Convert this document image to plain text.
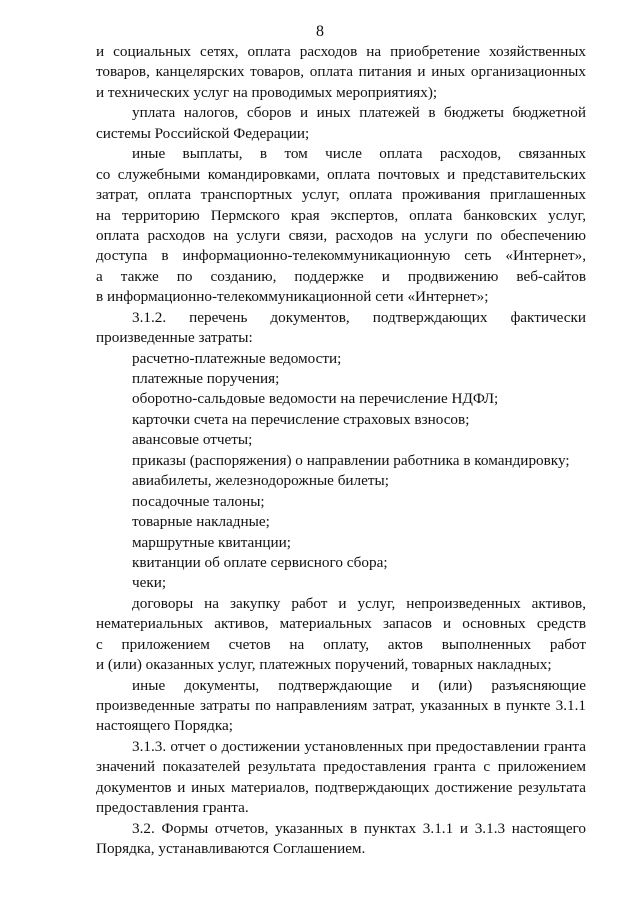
8
и социальных сетях, оплата расходов на приобретение хозяйственных
товаров, канцелярских товаров, оплата питания и иных организационных
и технических услуг на проводимых мероприятиях);
уплата налогов, сборов и иных платежей в бюджеты бюджетной
системы Российской Федерации;
иные выплаты, в том числе оплата расходов, связанных
со служебными командировками, оплата почтовых и представительских
затрат, оплата транспортных услуг, оплата проживания приглашенных
на территорию Пермского края экспертов, оплата банковских услуг,
оплата расходов на услуги связи, расходов на услуги по обеспечению
доступа в информационно-телекоммуникационную сеть «Интернет»,
а также по созданию, поддержке и продвижению веб-сайтов
в информационно-телекоммуникационной сети «Интернет»;
3.1.2. перечень документов, подтверждающих фактически
произведенные затраты:
расчетно-платежные ведомости;
платежные поручения;
оборотно-сальдовые ведомости на перечисление НДФЛ;
карточки счета на перечисление страховых взносов;
авансовые отчеты;
приказы (распоряжения) о направлении работника в командировку;
авиабилеты, железнодорожные билеты;
посадочные талоны;
товарные накладные;
маршрутные квитанции;
квитанции об оплате сервисного сбора;
чеки;
договоры на закупку работ и услуг, непроизведенных активов,
нематериальных активов, материальных запасов и основных средств
с приложением счетов на оплату, актов выполненных работ
и (или) оказанных услуг, платежных поручений, товарных накладных;
иные документы, подтверждающие и (или) разъясняющие
произведенные затраты по направлениям затрат, указанных в пункте 3.1.1
настоящего Порядка;
3.1.3. отчет о достижении установленных при предоставлении гранта
значений показателей результата предоставления гранта с приложением
документов и иных материалов, подтверждающих достижение результата
предоставления гранта.
3.2. Формы отчетов, указанных в пунктах 3.1.1 и 3.1.3 настоящего
Порядка, устанавливаются Соглашением.
